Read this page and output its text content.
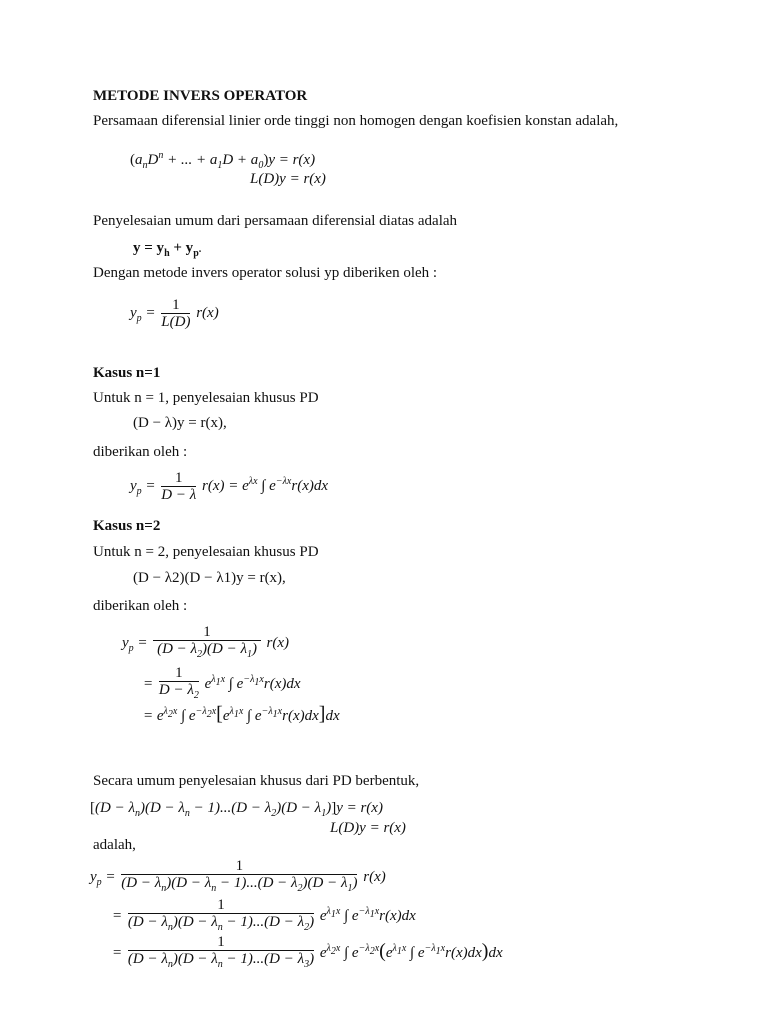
METODE INVERS OPERATOR
Persamaan diferensial linier orde tinggi non homogen dengan koefisien konstan adalah,
($a_nD^n$ + ... + $a_1D + a_0)y = r(x)$
L(D)y = r(x)
Penyelesaian umum dari persamaan diferensial diatas adalah
$y = y_h + y_p$.
Dengan metode invers operator solusi yp diberiken oleh :
$y_p = \frac{1}{L(D)} r(x)$
Kasus n=1
Untuk n = 1, penyelesaian khusus PD
(D − λ)y = r(x),
diberikan oleh :
$y_p = \frac{1}{D - \lambda} r(x) = e^{\lambda x}$ ∫ $e^{-\lambda x}r(x)dx$
Kasus n=2
Untuk n = 2, penyelesaian khusus PD
(D − λ2)(D − λ1)y = r(x),
diberikan oleh :
$y_p = \frac{1}{(D - \lambda_2)(D - \lambda_1)} r(x)$
= $\frac{1}{D - \lambda_2} e^{\lambda_1x}$ ∫ $e^{-\lambda_1x}r(x)dx$
= $e^{\lambda_2x}$ ∫ $e^{-\lambda_2x}[e^{\lambda_1x}$ ∫ $e^{-\lambda_1x}r(x)dx]dx$
Secara umum penyelesaian khusus dari PD berbentuk,
$[(D - \lambda_n)(D - \lambda_n - 1)...(D - \lambda_2)(D - \lambda_1)]y = r(x)$
L(D)y = r(x)
adalah,
$y_p = \frac{1}{(D - \lambda_n)(D - \lambda_n - 1)...(D - \lambda_2)(D - \lambda_1)} r(x)$
= $\frac{1}{(D - \lambda_n)(D - \lambda_n - 1)...(D - \lambda_2)} e^{\lambda_1x}$ ∫ $e^{-\lambda_1x}r(x)dx$
= $\frac{1}{(D - \lambda_n)(D - \lambda_n - 1)...(D - \lambda_3)} e^{\lambda_2x}$ ∫ $e^{-\lambda_2x}(e^{\lambda_1x}$ ∫ $e^{-\lambda_1x}r(x)dx)dx$
